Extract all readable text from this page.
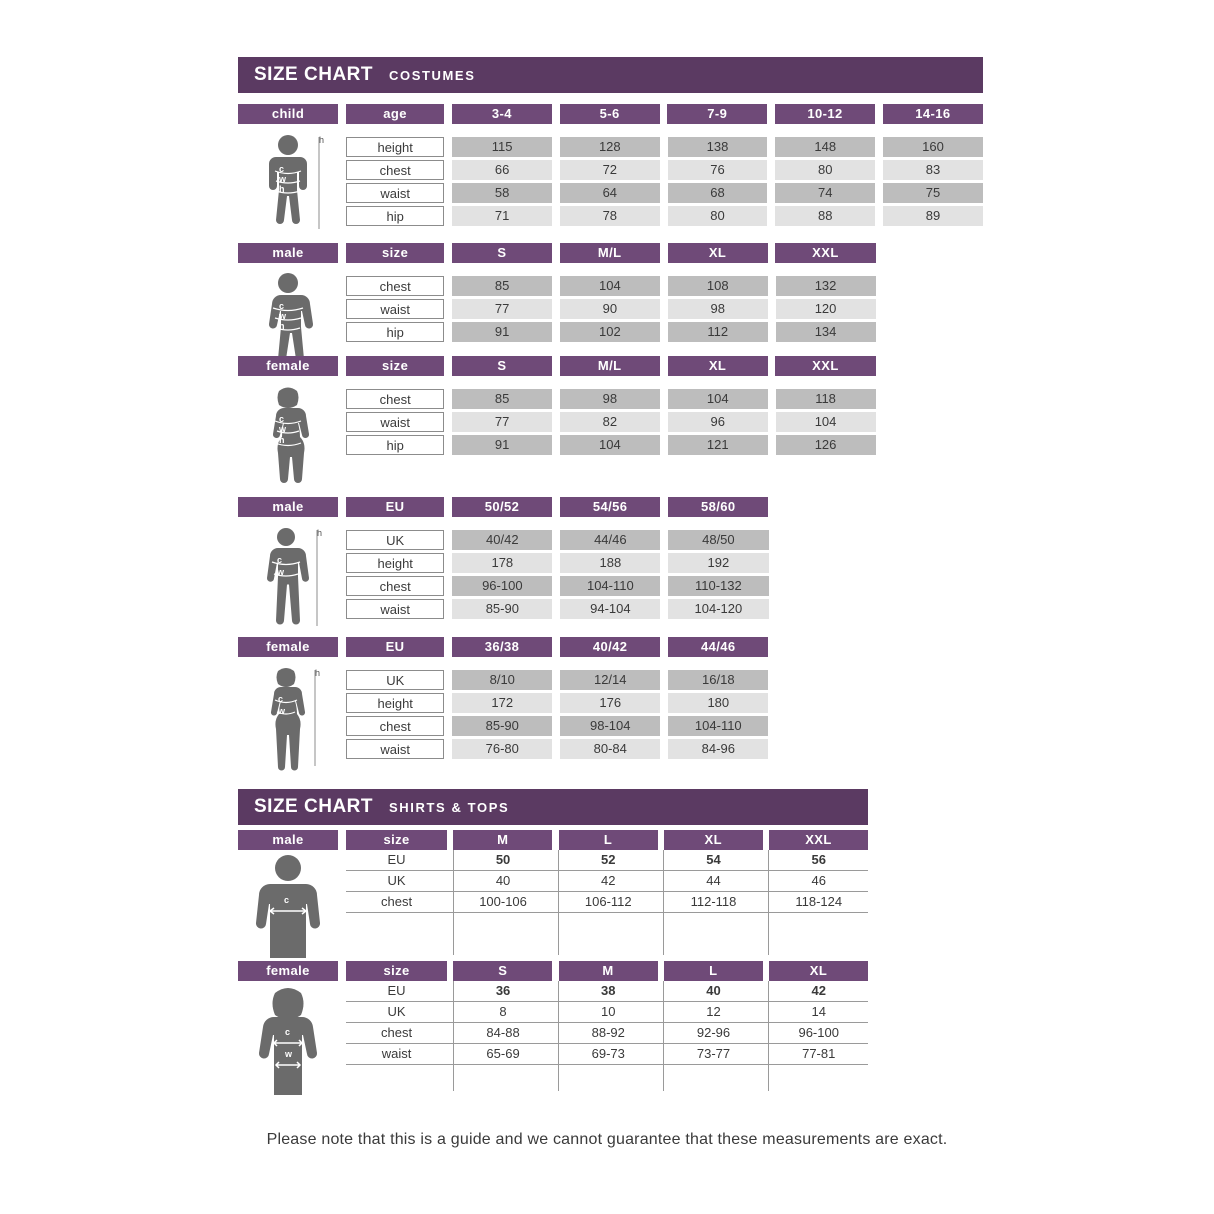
SIZE CHART COSTUMES
child	age		3-4		5-6		7-9		10-12		14-16
c
w
h
h	height		115		128		138		148		160

chest		66		72		76		80		83

waist		58		64		68		74		75

hip		71		78		80		88		89
male	size		S		M/L		XL		XXL

c
w
h
chest		85		104		108		132		

waist		77		90		98		120		

hip		91		102		112		134		

female	size		S		M/L		XL		XXL

c
w
h
chest		85		98		104		118		

waist		77		82		96		104		

hip		91		104		121		126		

male	EU		50/52		54/56		58/60

c
w
h	UK		40/42		44/46		48/50				

height		178		188		192				

chest		96-100		104-110		110-132				

waist		85-90		94-104		104-120				

female	EU		36/38		40/42		44/46

c
w
h	UK		8/10		12/14		16/18				

height		172		176		180				

chest		85-90		98-104		104-110				

waist		76-80		80-84		84-96				

SIZE CHART SHIRTS & TOPS
male	size		M		L		XL		XXL
c
EU		50		52		54		56

UK		40		42		44		46

chest		100-106		106-112		112-118		118-124

female	size		S		M		L		XL
c
w
EU		36		38		40		42

UK		8		10		12		14

chest		84-88		88-92		92-96		96-100

waist		65-69		69-73		73-77		77-81

Please note that this is a guide and we cannot guarantee that these measurements are exact.
